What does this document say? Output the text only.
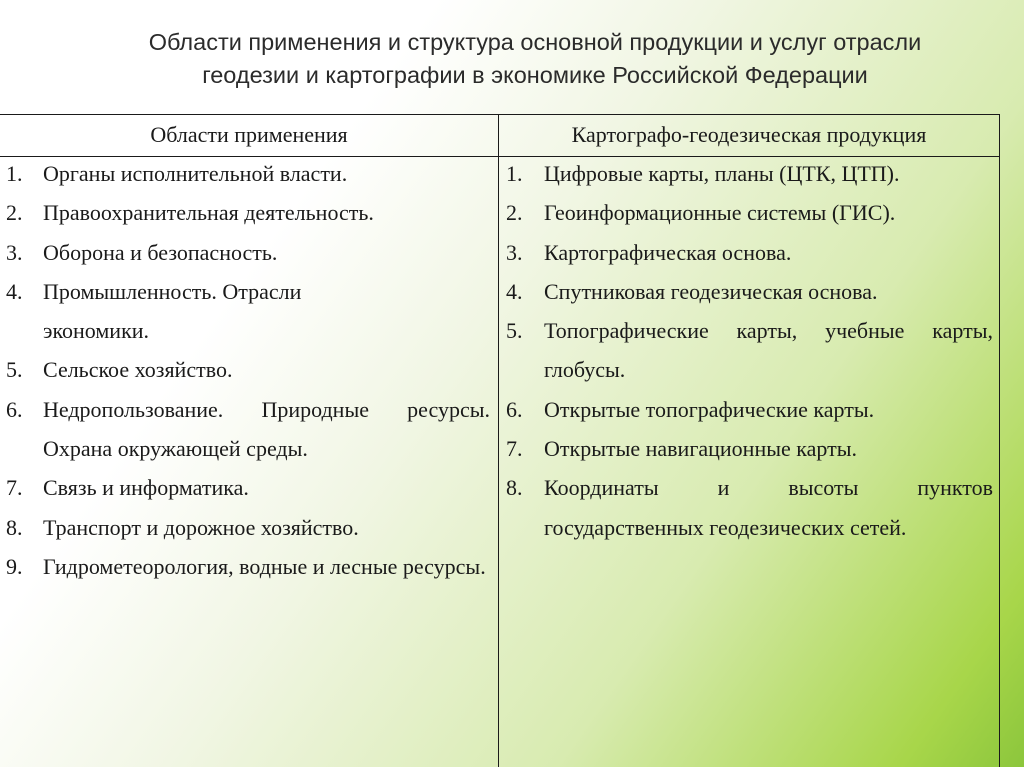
Области применения и структура основной продукции и услуг отрасли
геодезии и картографии в экономике Российской Федерации
Области применения	Картографо-геодезическая продукция
1. Органы исполнительной власти.
2. Правоохранительная деятельность.
3. Оборона и безопасность.
4. Промышленность. Отрасли экономики.
5. Сельское хозяйство.
6. Недропользование. Природные ресурсы. Охрана окружающей среды.
7. Связь и информатика.
8. Транспорт и дорожное хозяйство.
9. Гидрометеорология, водные и лесные ресурсы.
1. Цифровые карты, планы (ЦТК, ЦТП).
2. Геоинформационные системы (ГИС).
3. Картографическая основа.
4. Спутниковая геодезическая основа.
5. Топографические карты, учебные карты, глобусы.
6. Открытые топографические карты.
7. Открытые навигационные карты.
8. Координаты и высоты пунктов государственных геодезических сетей.
